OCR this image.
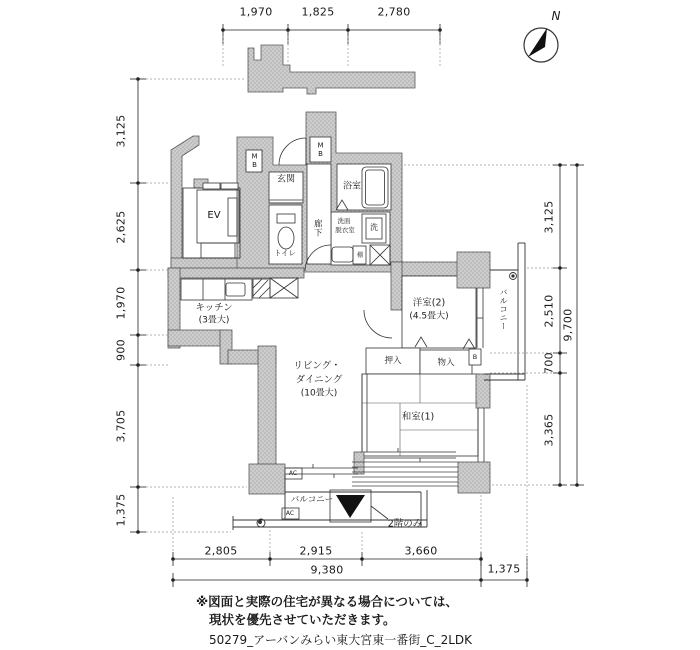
1,970	1,825	2,780	N
3,125
2,625
1,970
900
3,705
1,375
3,125
2,510
700
3,365
9,700
2,805	2,915	3,660
9,380	1,375
MB
MB
玄関
浴室
洗面
脱衣室 洗
棚
トイレ
廊下
EV
キッチン
(3畳大)
リビング・
ダイニング
(10畳大)
洋室(2)
(4.5畳大)
押入	物入
和室(1)
バルコニー
バルコニー
AC
AC
B
2階のみ
※図面と実際の住宅が異なる場合については、
現状を優先させていただきます。
50279_アーバンみらい東大宮東一番街_C_2LDK
